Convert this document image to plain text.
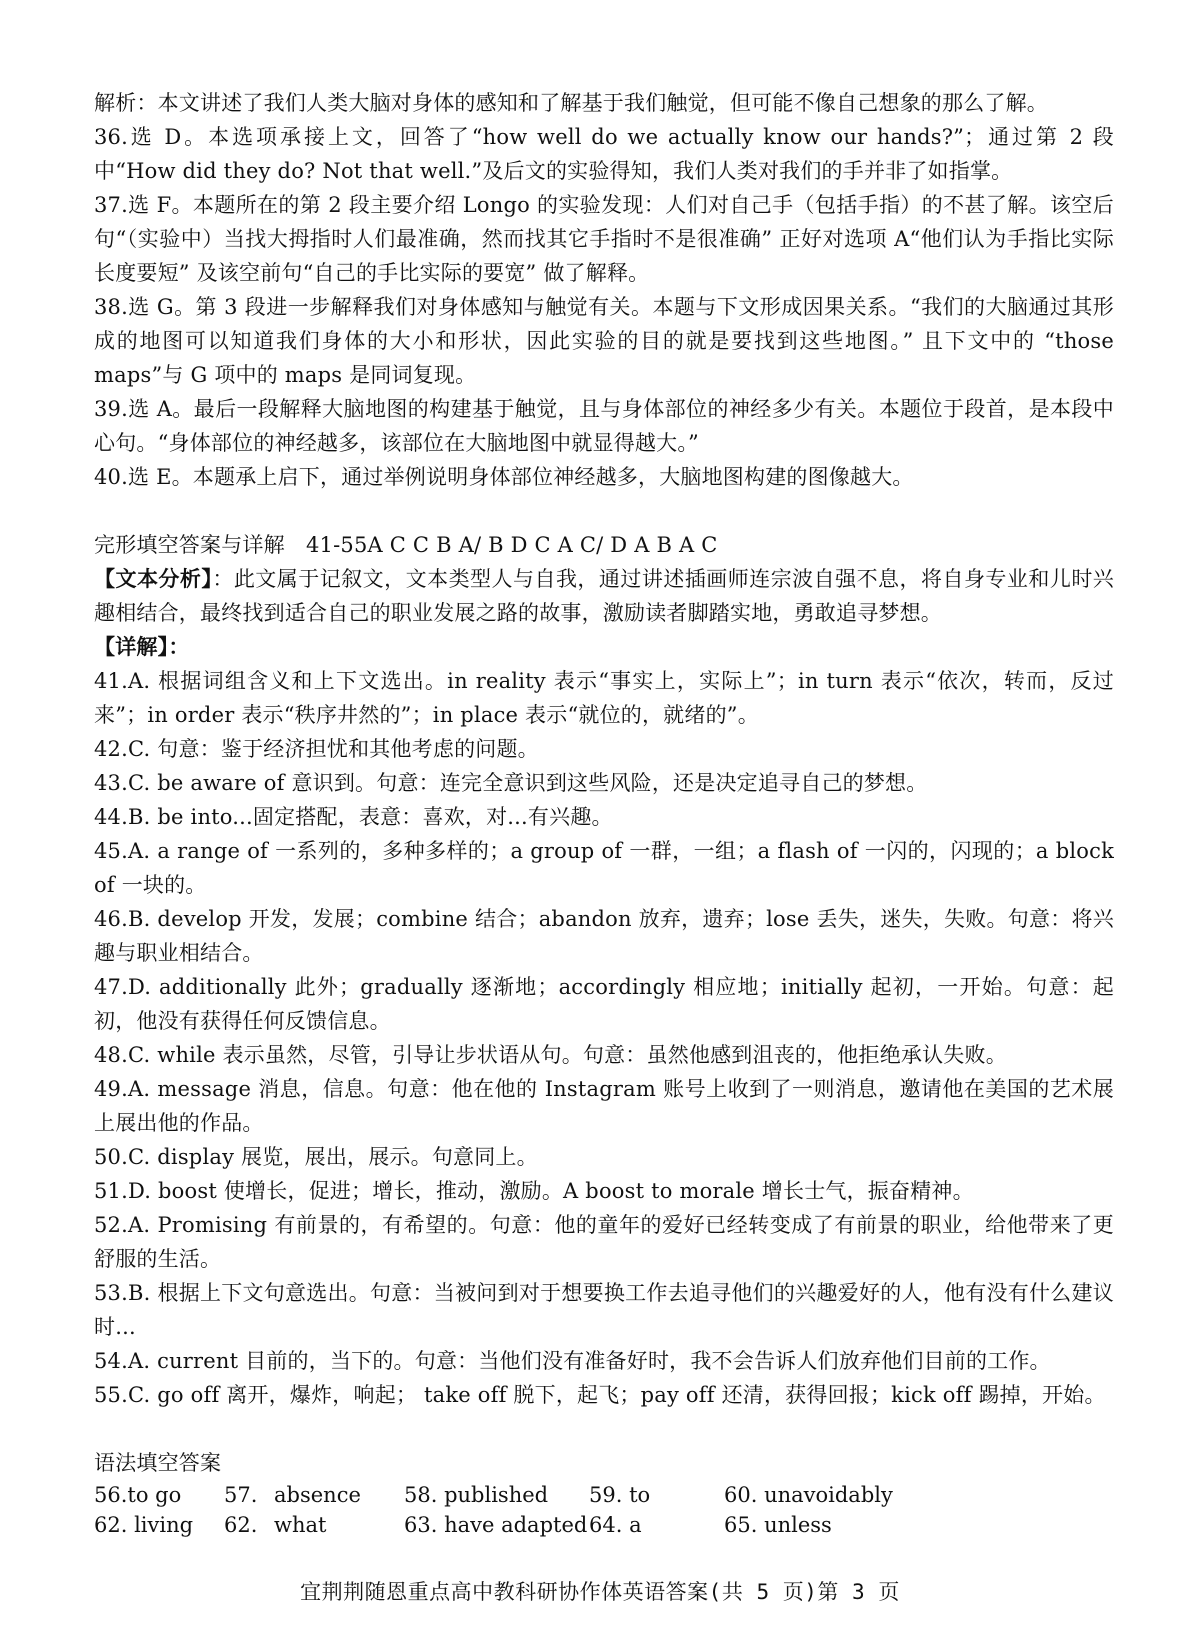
解析：本文讲述了我们人类大脑对身体的感知和了解基于我们触觉，但可能不像自己想象的那么了解。

36.选 D。本选项承接上文，回答了“how well do we actually know our hands?”；通过第 2 段中“How did they do? Not that well.”及后文的实验得知，我们人类对我们的手并非了如指掌。

37.选 F。本题所在的第 2 段主要介绍 Longo 的实验发现：人们对自己手（包括手指）的不甚了解。该空后句“（实验中）当找大拇指时人们最准确，然而找其它手指时不是很准确” 正好对选项 A“他们认为手指比实际长度要短” 及该空前句“自己的手比实际的要宽” 做了解释。

38.选 G。第 3 段进一步解释我们对身体感知与触觉有关。本题与下文形成因果关系。“我们的大脑通过其形成的地图可以知道我们身体的大小和形状，因此实验的目的就是要找到这些地图。” 且下文中的 “those maps”与 G 项中的 maps 是同词复现。

39.选 A。最后一段解释大脑地图的构建基于触觉，且与身体部位的神经多少有关。本题位于段首，是本段中心句。“身体部位的神经越多，该部位在大脑地图中就显得越大。”

40.选 E。本题承上启下，通过举例说明身体部位神经越多，大脑地图构建的图像越大。

完形填空答案与详解　41-55A C C B A/ B D C A C/ D A B A C

【文本分析】：此文属于记叙文，文本类型人与自我，通过讲述插画师连宗波自强不息，将自身专业和儿时兴趣相结合，最终找到适合自己的职业发展之路的故事，激励读者脚踏实地，勇敢追寻梦想。

【详解】：

41.A. 根据词组含义和上下文选出。in reality 表示“事实上，实际上”；in turn 表示“依次，转而，反过来”；in order 表示“秩序井然的”；in place 表示“就位的，就绪的”。

42.C. 句意：鉴于经济担忧和其他考虑的问题。

43.C. be aware of 意识到。句意：连完全意识到这些风险，还是决定追寻自己的梦想。

44.B. be into...固定搭配，表意：喜欢，对...有兴趣。

45.A. a range of 一系列的，多种多样的；a group of 一群，一组；a flash of 一闪的，闪现的；a block of 一块的。

46.B. develop 开发，发展；combine 结合；abandon 放弃，遗弃；lose 丢失，迷失，失败。句意：将兴趣与职业相结合。

47.D. additionally 此外；gradually 逐渐地；accordingly 相应地；initially 起初，一开始。句意：起初，他没有获得任何反馈信息。

48.C. while 表示虽然，尽管，引导让步状语从句。句意：虽然他感到沮丧的，他拒绝承认失败。

49.A. message 消息，信息。句意：他在他的 Instagram 账号上收到了一则消息，邀请他在美国的艺术展上展出他的作品。

50.C. display 展览，展出，展示。句意同上。

51.D. boost 使增长，促进；增长，推动，激励。A boost to morale 增长士气，振奋精神。

52.A. Promising 有前景的，有希望的。句意：他的童年的爱好已经转变成了有前景的职业，给他带来了更舒服的生活。

53.B. 根据上下文句意选出。句意：当被问到对于想要换工作去追寻他们的兴趣爱好的人，他有没有什么建议时...

54.A. current 目前的，当下的。句意：当他们没有准备好时，我不会告诉人们放弃他们目前的工作。

55.C. go off 离开，爆炸，响起； take off 脱下，起飞；pay off 还清，获得回报；kick off 踢掉，开始。

语法填空答案

56.to go	57. absence	58. published	59. to	60. unavoidably
62. living	62. what	63. have adapted 64. a	65. unless
宜荆荆随恩重点高中教科研协作体英语答案(共 5 页)第 3 页
